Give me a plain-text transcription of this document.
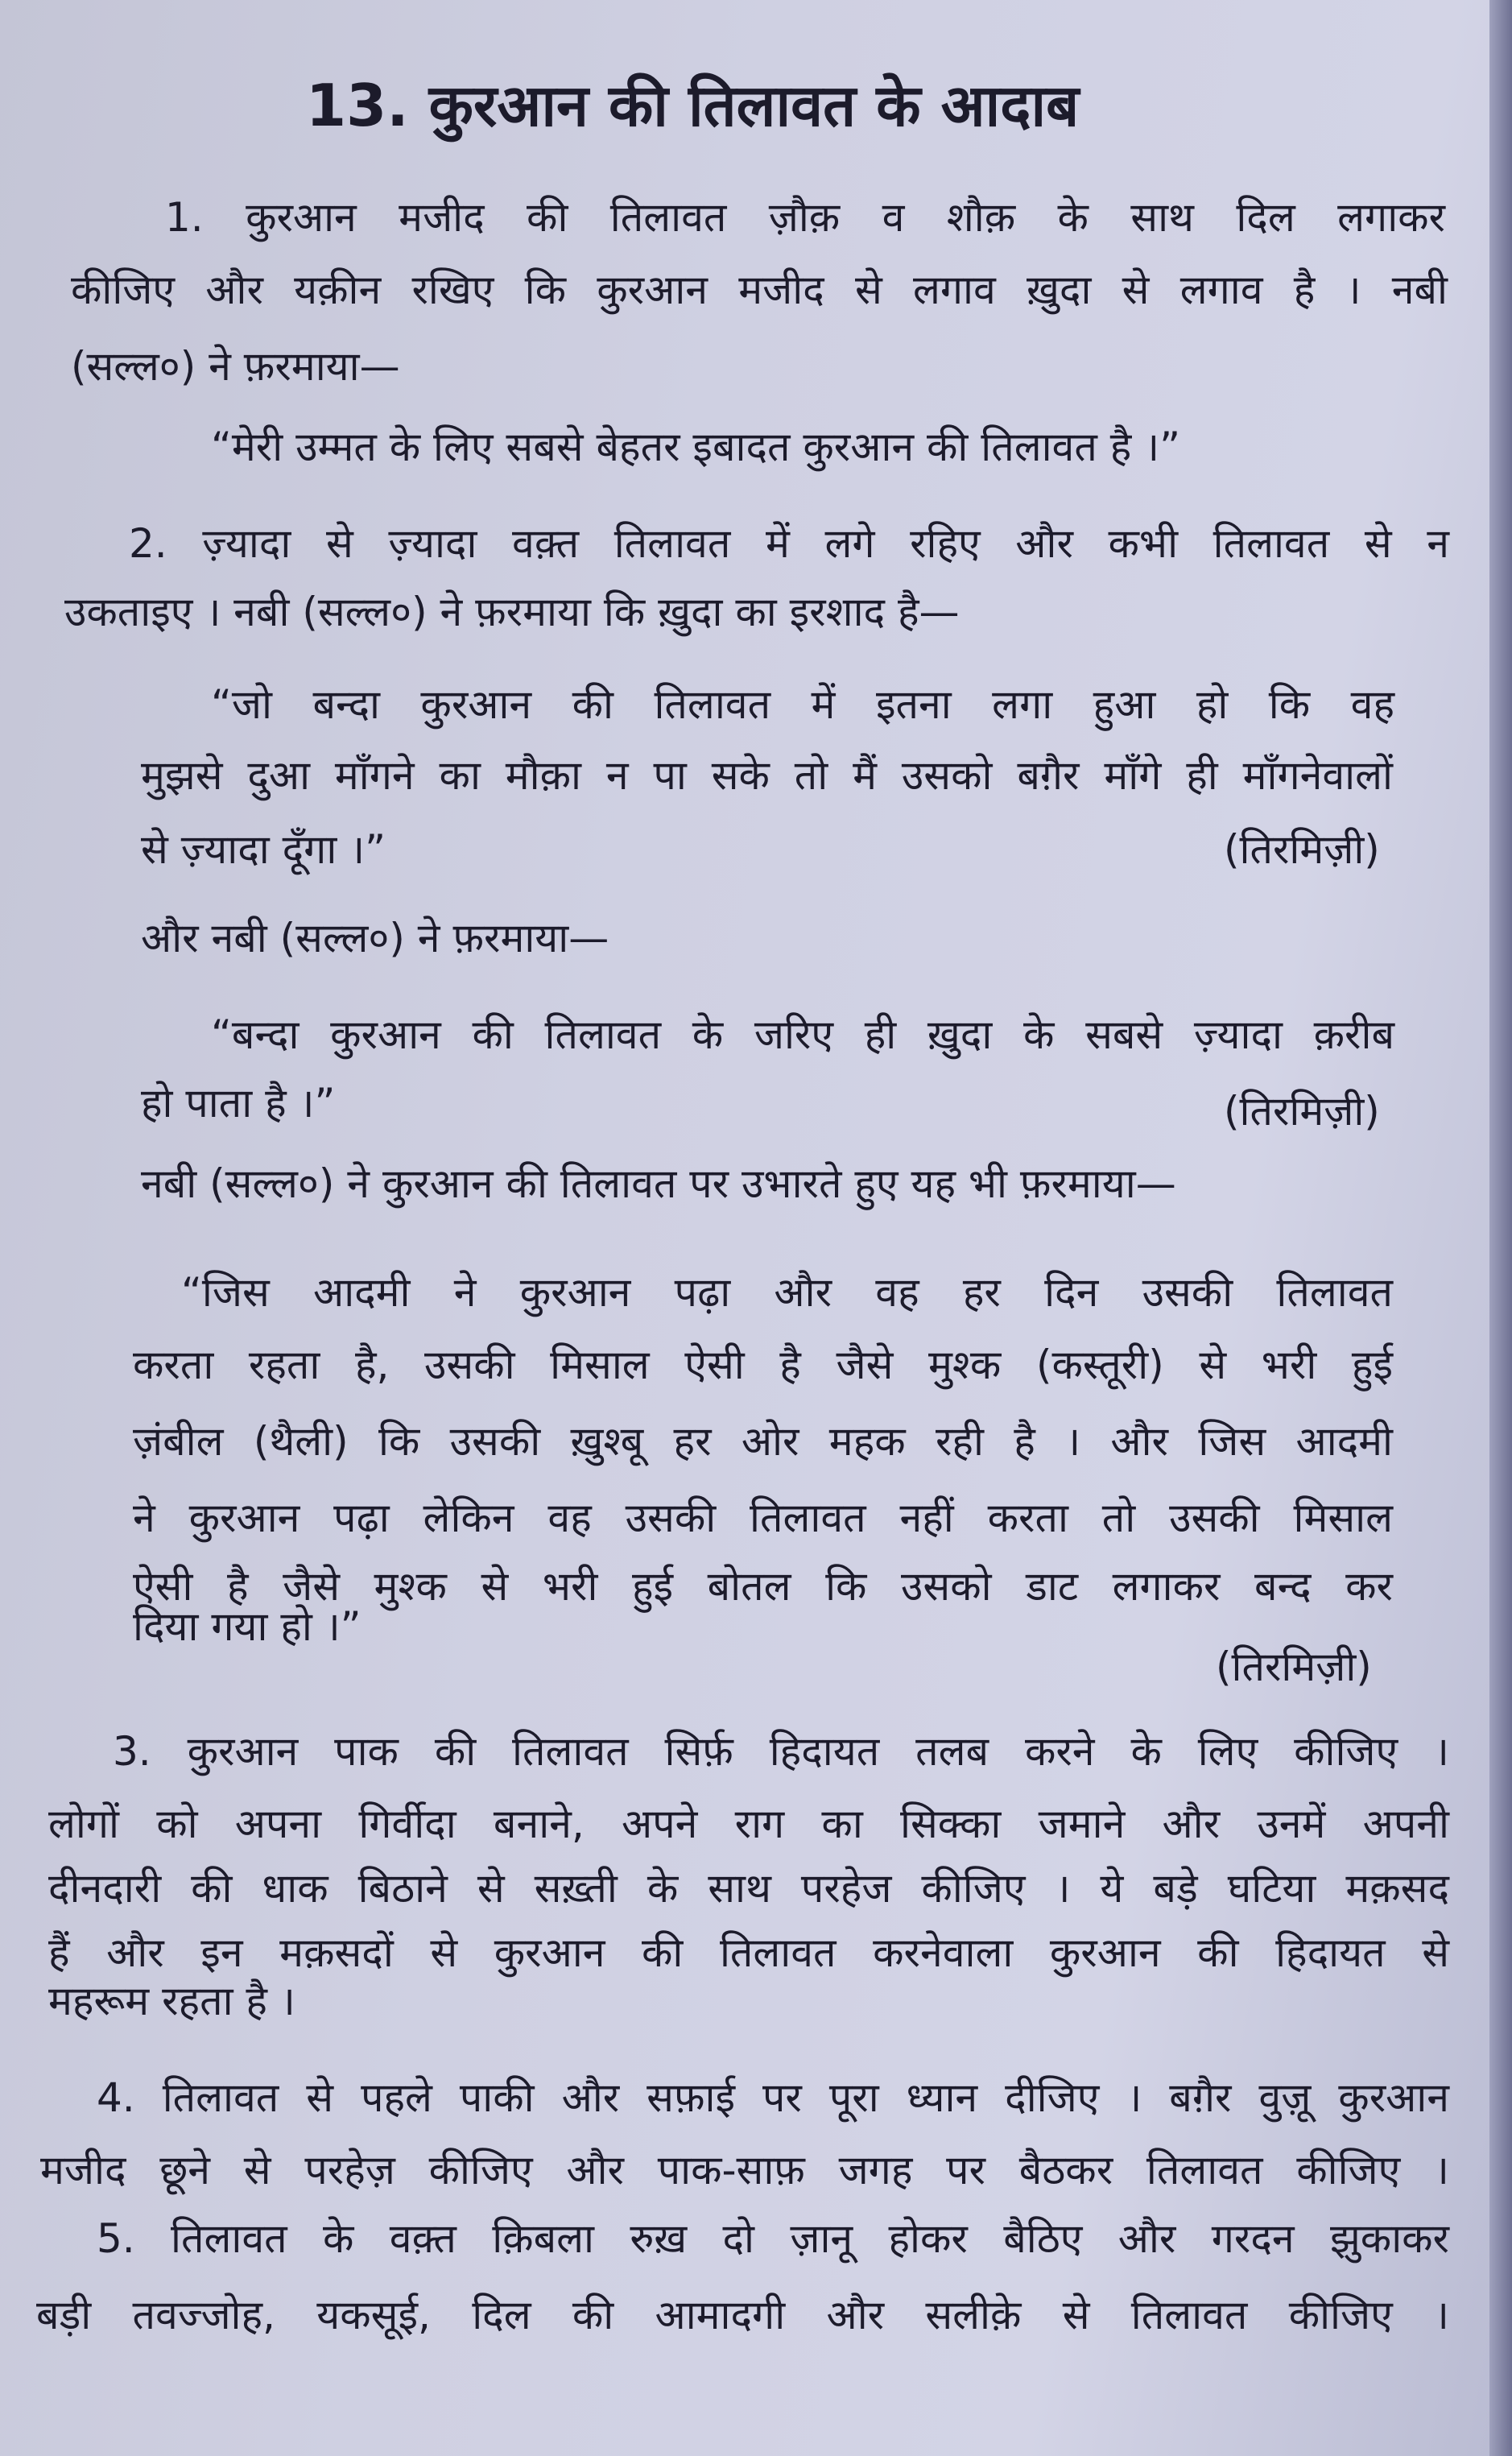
13. कुरआन की तिलावत के आदाब
1. कुरआन मजीद की तिलावत ज़ौक़ व शौक़ के साथ दिल लगाकर
कीजिए और यक़ीन रखिए कि कुरआन मजीद से लगाव ख़ुदा से लगाव है । नबी
(सल्ल०) ने फ़रमाया—
“मेरी उम्मत के लिए सबसे बेहतर इबादत कुरआन की तिलावत है ।”
2. ज़्यादा से ज़्यादा वक़्त तिलावत में लगे रहिए और कभी तिलावत से न
उकताइए । नबी (सल्ल०) ने फ़रमाया कि ख़ुदा का इरशाद है—
“जो बन्दा कुरआन की तिलावत में इतना लगा हुआ हो कि वह
मुझसे दुआ माँगने का मौक़ा न पा सके तो मैं उसको बग़ैर माँगे ही माँगनेवालों
से ज़्यादा दूँगा ।”	(तिरमिज़ी)
और नबी (सल्ल०) ने फ़रमाया—
“बन्दा कुरआन की तिलावत के जरिए ही ख़ुदा के सबसे ज़्यादा क़रीब
हो पाता है ।”	(तिरमिज़ी)
नबी (सल्ल०) ने कुरआन की तिलावत पर उभारते हुए यह भी फ़रमाया—
“जिस आदमी ने कुरआन पढ़ा और वह हर दिन उसकी तिलावत
करता रहता है, उसकी मिसाल ऐसी है जैसे मुश्क (कस्तूरी) से भरी हुई
ज़ंबील (थैली) कि उसकी ख़ुश्बू हर ओर महक रही है । और जिस आदमी
ने कुरआन पढ़ा लेकिन वह उसकी तिलावत नहीं करता तो उसकी मिसाल
ऐसी है जैसे मुश्क से भरी हुई बोतल कि उसको डाट लगाकर बन्द कर
दिया गया हो ।”
(तिरमिज़ी)
3. कुरआन पाक की तिलावत सिर्फ़ हिदायत तलब करने के लिए कीजिए ।
लोगों को अपना गिर्वीदा बनाने, अपने राग का सिक्का जमाने और उनमें अपनी
दीनदारी की धाक बिठाने से सख़्ती के साथ परहेज कीजिए । ये बड़े घटिया मक़सद
हैं और इन मक़सदों से कुरआन की तिलावत करनेवाला कुरआन की हिदायत से
महरूम रहता है ।
4. तिलावत से पहले पाकी और सफ़ाई पर पूरा ध्यान दीजिए । बग़ैर वुज़ू कुरआन
मजीद छूने से परहेज़ कीजिए और पाक-साफ़ जगह पर बैठकर तिलावत कीजिए ।
5. तिलावत के वक़्त क़िबला रुख़ दो ज़ानू होकर बैठिए और गरदन झुकाकर
बड़ी तवज्जोह, यकसूई, दिल की आमादगी और सलीक़े से तिलावत कीजिए ।
